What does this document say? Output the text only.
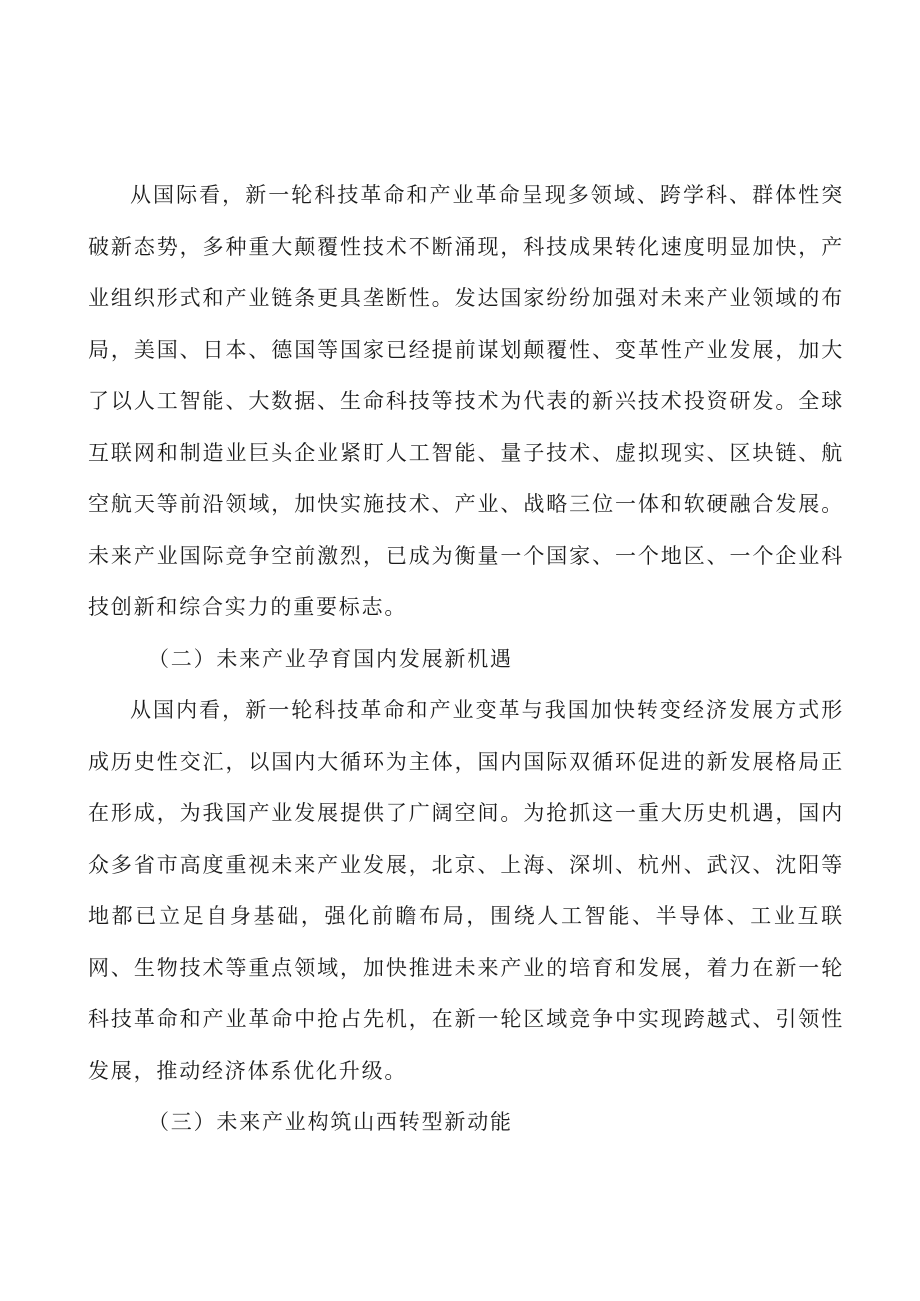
从国际看，新一轮科技革命和产业革命呈现多领域、跨学科、群体性突破新态势，多种重大颠覆性技术不断涌现，科技成果转化速度明显加快，产业组织形式和产业链条更具垄断性。发达国家纷纷加强对未来产业领域的布局，美国、日本、德国等国家已经提前谋划颠覆性、变革性产业发展，加大了以人工智能、大数据、生命科技等技术为代表的新兴技术投资研发。全球互联网和制造业巨头企业紧盯人工智能、量子技术、虚拟现实、区块链、航空航天等前沿领域，加快实施技术、产业、战略三位一体和软硬融合发展。未来产业国际竞争空前激烈，已成为衡量一个国家、一个地区、一个企业科技创新和综合实力的重要标志。

（二）未来产业孕育国内发展新机遇

从国内看，新一轮科技革命和产业变革与我国加快转变经济发展方式形成历史性交汇，以国内大循环为主体，国内国际双循环促进的新发展格局正在形成，为我国产业发展提供了广阔空间。为抢抓这一重大历史机遇，国内众多省市高度重视未来产业发展，北京、上海、深圳、杭州、武汉、沈阳等地都已立足自身基础，强化前瞻布局，围绕人工智能、半导体、工业互联网、生物技术等重点领域，加快推进未来产业的培育和发展，着力在新一轮科技革命和产业革命中抢占先机，在新一轮区域竞争中实现跨越式、引领性发展，推动经济体系优化升级。

（三）未来产业构筑山西转型新动能
